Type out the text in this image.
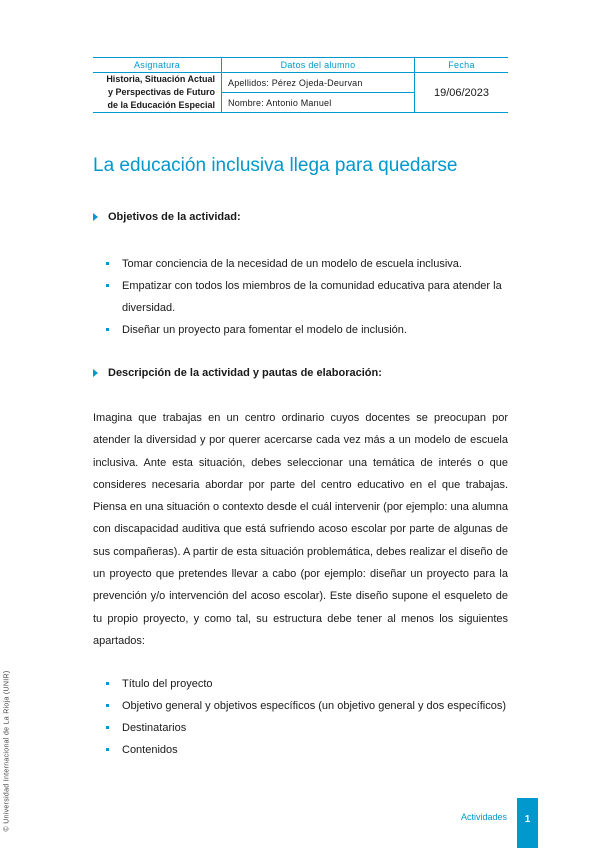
Asignatura	Datos del alumno	Fecha

Historia, Situación Actual
y Perspectivas de Futuro
de la Educación Especial	Apellidos: Pérez Ojeda-Deurvan	19/06/2023
	Nombre: Antonio Manuel	
La educación inclusiva llega para quedarse
Objetivos de la actividad:
Tomar conciencia de la necesidad de un modelo de escuela inclusiva.
Empatizar con todos los miembros de la comunidad educativa para atender la diversidad.
Diseñar un proyecto para fomentar el modelo de inclusión.
Descripción de la actividad y pautas de elaboración:

Imagina que trabajas en un centro ordinario cuyos docentes se preocupan por atender la diversidad y por querer acercarse cada vez más a un modelo de escuela inclusiva. Ante esta situación, debes seleccionar una temática de interés o que consideres necesaria abordar por parte del centro educativo en el que trabajas. Piensa en una situación o contexto desde el cuál intervenir (por ejemplo: una alumna con discapacidad auditiva que está sufriendo acoso escolar por parte de algunas de sus compañeras). A partir de esta situación problemática, debes realizar el diseño de un proyecto que pretendes llevar a cabo (por ejemplo: diseñar un proyecto para la prevención y/o intervención del acoso escolar). Este diseño supone el esqueleto de tu propio proyecto, y como tal, su estructura debe tener al menos los siguientes apartados:

Título del proyecto
Objetivo general y objetivos específicos (un objetivo general y dos específicos)
Destinatarios
Contenidos
© Universidad Internacional de La Rioja (UNIR)	Actividades	1
